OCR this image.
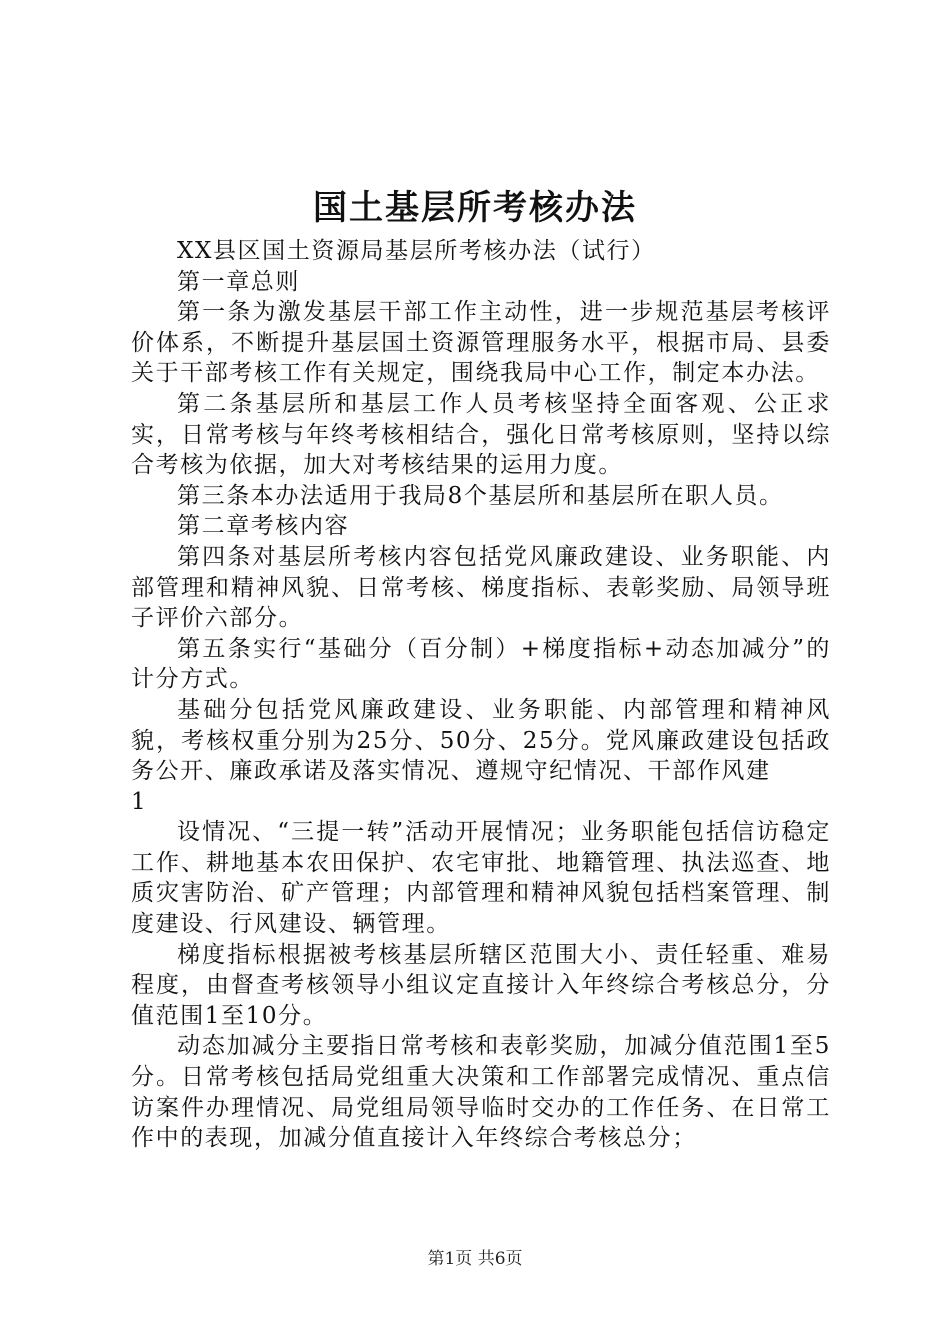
国土基层所考核办法

XX县区国土资源局基层所考核办法（试行）

第一章总则

第一条为激发基层干部工作主动性，进一步规范基层考核评价体系，不断提升基层国土资源管理服务水平，根据市局、县委关于干部考核工作有关规定，围绕我局中心工作，制定本办法。

第二条基层所和基层工作人员考核坚持全面客观、公正求实，日常考核与年终考核相结合，强化日常考核原则，坚持以综合考核为依据，加大对考核结果的运用力度。

第三条本办法适用于我局8个基层所和基层所在职人员。

第二章考核内容

第四条对基层所考核内容包括党风廉政建设、业务职能、内部管理和精神风貌、日常考核、梯度指标、表彰奖励、局领导班子评价六部分。

第五条实行“基础分（百分制）+梯度指标+动态加减分”的计分方式。

基础分包括党风廉政建设、业务职能、内部管理和精神风貌，考核权重分别为25分、50分、25分。党风廉政建设包括政务公开、廉政承诺及落实情况、遵规守纪情况、干部作风建

1

设情况、“三提一转”活动开展情况；业务职能包括信访稳定工作、耕地基本农田保护、农宅审批、地籍管理、执法巡查、地质灾害防治、矿产管理；内部管理和精神风貌包括档案管理、制度建设、行风建设、辆管理。

梯度指标根据被考核基层所辖区范围大小、责任轻重、难易程度，由督查考核领导小组议定直接计入年终综合考核总分，分值范围1至10分。

动态加减分主要指日常考核和表彰奖励，加减分值范围1至5分。日常考核包括局党组重大决策和工作部署完成情况、重点信访案件办理情况、局党组局领导临时交办的工作任务、在日常工作中的表现，加减分值直接计入年终综合考核总分；

第1页 共6页
